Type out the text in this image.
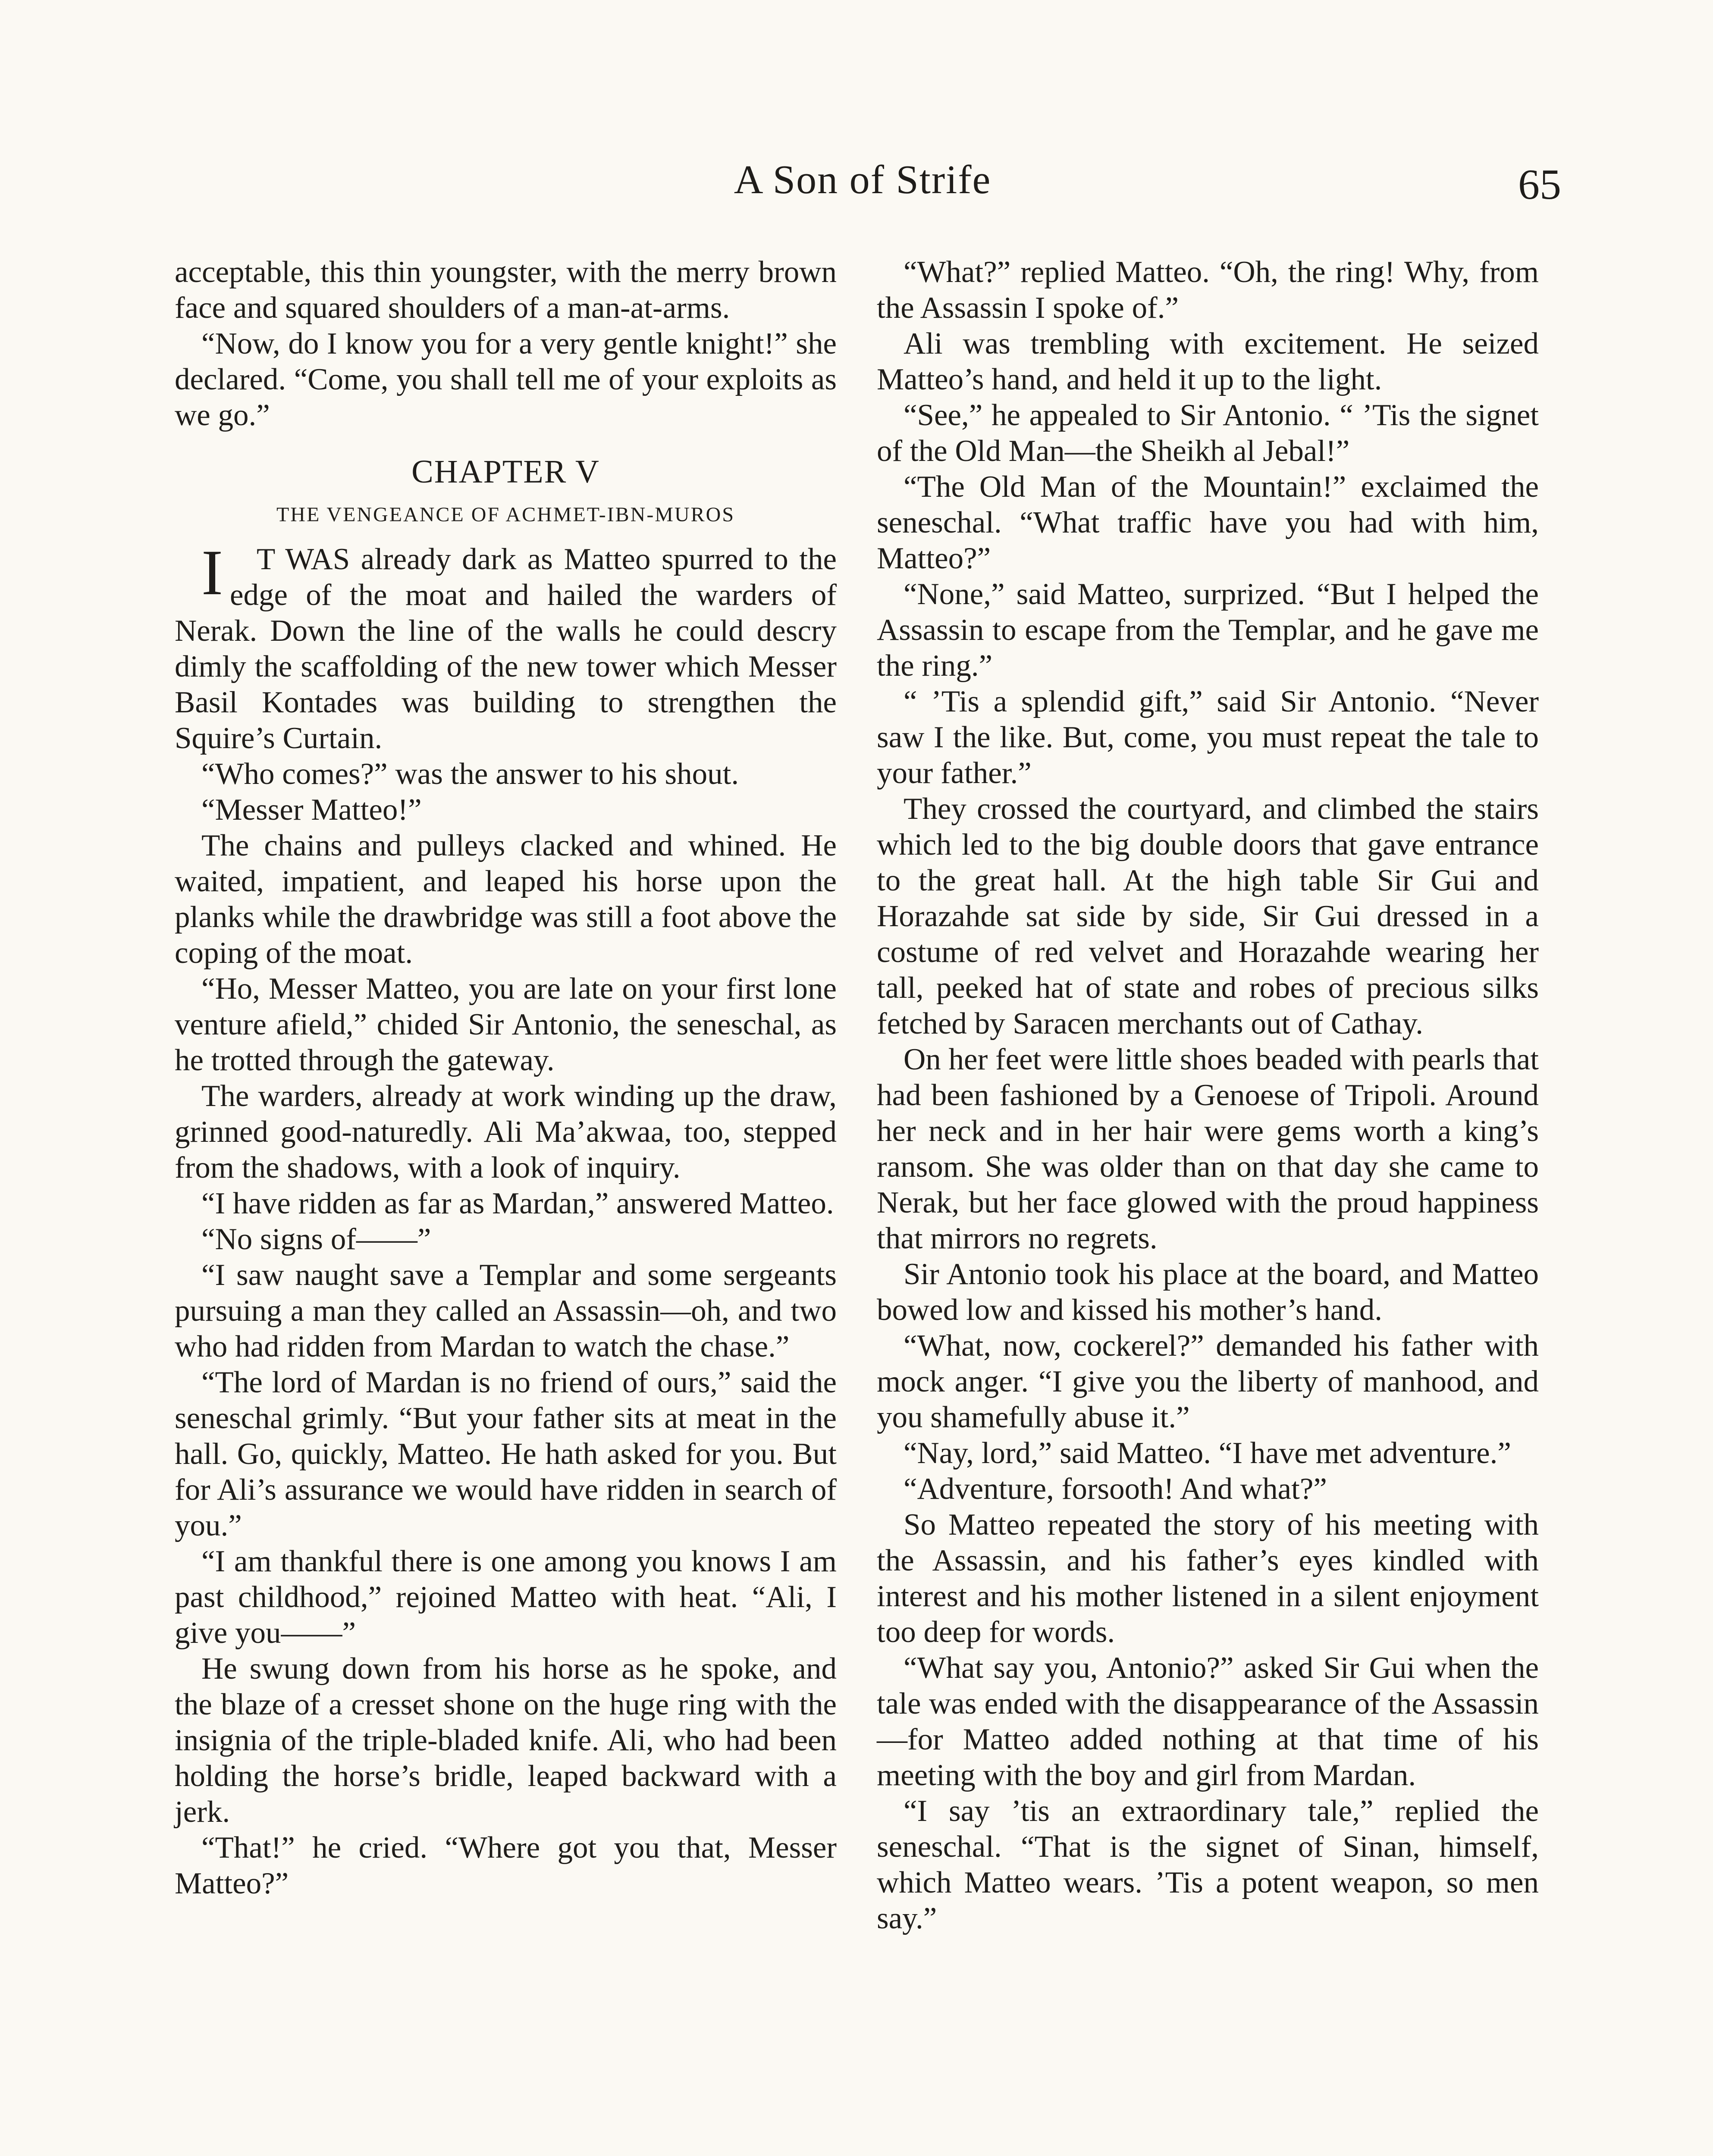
A Son of Strife	65

acceptable, this thin youngster, with the merry brown face and squared shoulders of a man-at-arms.

“Now, do I know you for a very gentle knight!” she declared. “Come, you shall tell me of your exploits as we go.”

CHAPTER V
THE VENGEANCE OF ACHMET-IBN-MUROS

I T WAS already dark as Matteo spurred to the edge of the moat and hailed the warders of Nerak. Down the line of the walls he could descry dimly the scaffolding of the new tower which Messer Basil Kontades was building to strengthen the Squire’s Curtain.

“Who comes?” was the answer to his shout.

“Messer Matteo!”

The chains and pulleys clacked and whined. He waited, impatient, and leaped his horse upon the planks while the drawbridge was still a foot above the coping of the moat.

“Ho, Messer Matteo, you are late on your first lone venture afield,” chided Sir Antonio, the seneschal, as he trotted through the gateway.

The warders, already at work winding up the draw, grinned good-naturedly. Ali Ma’akwaa, too, stepped from the shadows, with a look of inquiry.

“I have ridden as far as Mardan,” answered Matteo.

“No signs of——”

“I saw naught save a Templar and some sergeants pursuing a man they called an Assassin—oh, and two who had ridden from Mardan to watch the chase.”

“The lord of Mardan is no friend of ours,” said the seneschal grimly. “But your father sits at meat in the hall. Go, quickly, Matteo. He hath asked for you. But for Ali’s assurance we would have ridden in search of you.”

“I am thankful there is one among you knows I am past childhood,” rejoined Matteo with heat. “Ali, I give you——”

He swung down from his horse as he spoke, and the blaze of a cresset shone on the huge ring with the insignia of the triple-bladed knife. Ali, who had been holding the horse’s bridle, leaped backward with a jerk.

“That!” he cried. “Where got you that, Messer Matteo?”

“What?” replied Matteo. “Oh, the ring! Why, from the Assassin I spoke of.”

Ali was trembling with excitement. He seized Matteo’s hand, and held it up to the light.

“See,” he appealed to Sir Antonio. “ ’Tis the signet of the Old Man—the Sheikh al Jebal!”

“The Old Man of the Mountain!” exclaimed the seneschal. “What traffic have you had with him, Matteo?”

“None,” said Matteo, surprized. “But I helped the Assassin to escape from the Templar, and he gave me the ring.”

“ ’Tis a splendid gift,” said Sir Antonio. “Never saw I the like. But, come, you must repeat the tale to your father.”

They crossed the courtyard, and climbed the stairs which led to the big double doors that gave entrance to the great hall. At the high table Sir Gui and Horazahde sat side by side, Sir Gui dressed in a costume of red velvet and Horazahde wearing her tall, peeked hat of state and robes of precious silks fetched by Saracen merchants out of Cathay.

On her feet were little shoes beaded with pearls that had been fashioned by a Genoese of Tripoli. Around her neck and in her hair were gems worth a king’s ransom. She was older than on that day she came to Nerak, but her face glowed with the proud happiness that mirrors no regrets.

Sir Antonio took his place at the board, and Matteo bowed low and kissed his mother’s hand.

“What, now, cockerel?” demanded his father with mock anger. “I give you the liberty of manhood, and you shamefully abuse it.”

“Nay, lord,” said Matteo. “I have met adventure.”

“Adventure, forsooth! And what?”

So Matteo repeated the story of his meeting with the Assassin, and his father’s eyes kindled with interest and his mother listened in a silent enjoyment too deep for words.

“What say you, Antonio?” asked Sir Gui when the tale was ended with the disappearance of the Assassin—for Matteo added nothing at that time of his meeting with the boy and girl from Mardan.

“I say ’tis an extraordinary tale,” replied the seneschal. “That is the signet of Sinan, himself, which Matteo wears. ’Tis a potent weapon, so men say.”
